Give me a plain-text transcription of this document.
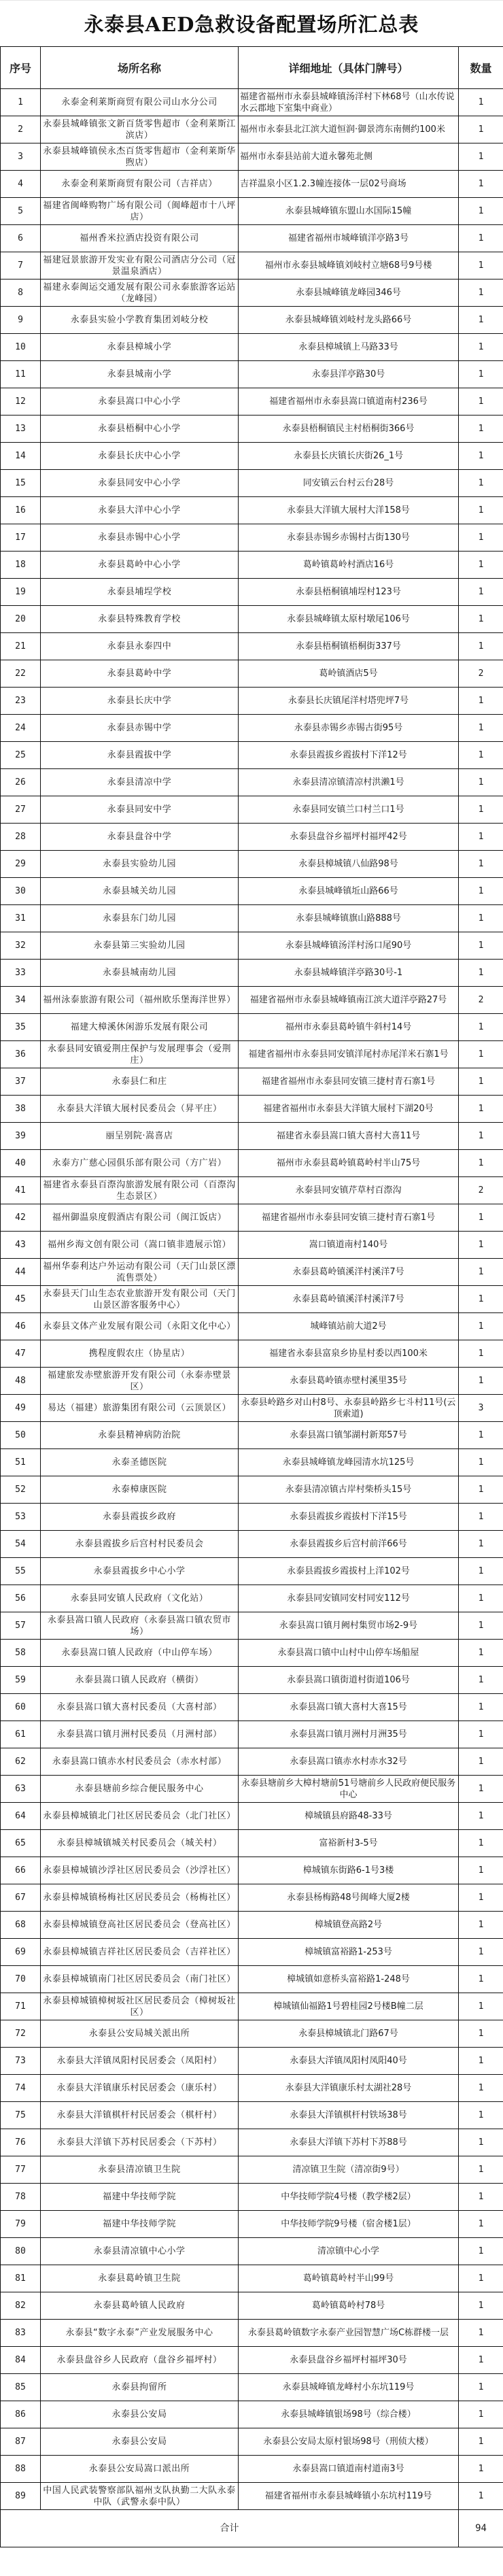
永泰县AED急救设备配置场所汇总表
序号	场所名称	详细地址（具体门牌号）	数量
1	永泰金利莱斯商贸有限公司山水分公司	福建省福州市永泰县城峰镇汤洋村下林68号（山水传说水云郡地下室集中商业）	1
2	永泰县城峰镇张文新百货零售超市（金利莱斯江滨店）	福州市永泰县北江滨大道恒润·御景湾东南侧约100米	1
3	永泰县城峰镇侯永杰百货零售超市（金利莱斯华煦店）	福州市永泰县站前大道永馨苑北侧	1
4	永泰金利莱斯商贸有限公司（吉祥店）	吉祥温泉小区1.2.3幢连接体一层02号商场	1
5	福建省闽峰购物广场有限公司（闽峰超市十八坪店）	永泰县城峰镇东盟山水国际15幢	1
6	福州香米拉酒店投资有限公司	福建省福州市城峰镇洋亭路3号	1
7	福建冠景旅游开发实业有限公司酒店分公司（冠景温泉酒店）	福州市永泰县城峰镇刘岐村立塘68号9号楼	1
8	福建永泰闽运交通发展有限公司永泰旅游客运站（龙峰园）	永泰县城峰镇龙峰园346号	1
9	永泰县实验小学教育集团刘岐分校	永泰县城峰镇刘岐村龙头路66号	1
10	永泰县樟城小学	永泰县樟城镇上马路33号	1
11	永泰县城南小学	永泰县洋亭路30号	1
12	永泰县嵩口中心小学	福建省福州市永泰县嵩口镇道南村236号	1
13	永泰县梧桐中心小学	永泰县梧桐镇民主村梧桐街366号	1
14	永泰县长庆中心小学	永泰县长庆镇长庆街26_1号	1
15	永泰县同安中心小学	同安镇云台村云台28号	1
16	永泰县大洋中心小学	永泰县大洋镇大展村大洋158号	1
17	永泰县赤锡中心小学	永泰县赤锡乡赤锡村古街130号	1
18	永泰县葛岭中心小学	葛岭镇葛岭村酒店16号	1
19	永泰县埔埕学校	永泰县梧桐镇埔埕村123号	1
20	永泰县特殊教育学校	永泰县城峰镇太原村墩尾106号	1
21	永泰县永泰四中	永泰县梧桐镇梧桐街337号	1
22	永泰县葛岭中学	葛岭镇酒店5号	2
23	永泰县长庆中学	永泰县长庆镇尾洋村塔兜坪7号	1
24	永泰县赤锡中学	永泰县赤锡乡赤锡古街95号	1
25	永泰县霞拔中学	永泰县霞拔乡霞拔村下洋12号	1
26	永泰县清凉中学	永泰县清凉镇清凉村洪濑1号	1
27	永泰县同安中学	永泰县同安镇兰口村兰口1号	1
28	永泰县盘谷中学	永泰县盘谷乡福坪村福坪42号	1
29	永泰县实验幼儿园	永泰县樟城镇八仙路98号	1
30	永泰县城关幼儿园	永泰县城峰镇坵山路66号	1
31	永泰县东门幼儿园	永泰县城峰镇旗山路888号	1
32	永泰县第三实验幼儿园	永泰县城峰镇汤洋村汤口尾90号	1
33	永泰县城南幼儿园	永泰县城峰镇洋亭路30号-1	1
34	福州泳泰旅游有限公司（福州欧乐堡海洋世界）	福建省福州市永泰县城峰镇南江滨大道洋亭路27号	2
35	福建大樟溪休闲游乐发展有限公司	福州市永泰县葛岭镇牛斜村14号	1
36	永泰县同安镇爱荆庄保护与发展理事会（爱荆庄）	福建省福州市永泰县同安镇洋尾村赤尾洋米石寨1号	1
37	永泰县仁和庄	福建省福州市永泰县同安镇三捷村青石寨1号	1
38	永泰县大洋镇大展村民委员会（昇平庄）	福建省福州市永泰县大洋镇大展村下湖20号	1
39	丽呈别院·嵩喜店	福建省永泰县嵩口镇大喜村大喜11号	1
40	永泰方广慈心园俱乐部有限公司（方广岩）	福州市永泰县葛岭镇葛岭村半山75号	1
41	福建省永泰县百漈沟旅游发展有限公司（百漈沟生态景区）	永泰县同安镇芹草村百漈沟	2
42	福州御温泉度假酒店有限公司（闽江饭店）	福建省福州市永泰县同安镇三捷村青石寨1号	1
43	福州乡海文创有限公司（嵩口镇非遗展示馆）	嵩口镇道南村140号	1
44	福州华泰利达户外运动有限公司（天门山景区漂流售票处）	永泰县葛岭镇溪洋村溪洋7号	1
45	永泰县天门山生态农业旅游开发有限公司（天门山景区游客服务中心）	永泰县葛岭镇溪洋村溪洋7号	1
46	永泰县文体产业发展有限公司（永阳文化中心）	城峰镇站前大道2号	1
47	携程度假农庄（协星店）	福建省永泰县富泉乡协星村委以西100米	1
48	福建旅发赤壁旅游开发有限公司（永泰赤壁景区）	永泰县葛岭镇赤壁村溪里35号	1
49	易达（福建）旅游集团有限公司（云顶景区）	永泰县岭路乡对山村8号、永泰县岭路乡七斗村11号(云顶索道)	3
50	永泰县精神病防治院	永泰县嵩口镇邹湖村新郑57号	1
51	永泰圣德医院	永泰县城峰镇龙峰园清水坑125号	1
52	永泰樟康医院	永泰县清凉镇古岸村柴桥头15号	1
53	永泰县霞拔乡政府	永泰县霞拔乡霞拔村下洋15号	1
54	永泰县霞拔乡后宫村村民委员会	永泰县霞拔乡后宫村前洋66号	1
55	永泰县霞拔乡中心小学	永泰县霞拔乡霞拔村上洋102号	1
56	永泰县同安镇人民政府（文化站）	永泰县同安镇同安村同安112号	1
57	永泰县嵩口镇人民政府（永泰县嵩口镇农贸市场）	永泰县嵩口镇月阙村集贸市场2-9号	1
58	永泰县嵩口镇人民政府（中山停车场）	永泰县嵩口镇中山村中山停车场船屋	1
59	永泰县嵩口镇人民政府（横街）	永泰县嵩口镇街道村街道106号	1
60	永泰县嵩口镇大喜村民委员（大喜村部）	永泰县嵩口镇大喜村大喜15号	1
61	永泰县嵩口镇月洲村民委员（月洲村部）	永泰县嵩口镇月洲村月洲35号	1
62	永泰县嵩口镇赤水村民委员会（赤水村部）	永泰县嵩口镇赤水村赤水32号	1
63	永泰县塘前乡综合便民服务中心	永泰县塘前乡大樟村塘前51号塘前乡人民政府便民服务中心	1
64	永泰县樟城镇北门社区居民委员会（北门社区）	樟城镇县府路48-33号	1
65	永泰县樟城镇城关村民委员会（城关村）	富裕新村3-5号	1
66	永泰县樟城镇沙浮社区居民委员会（沙浮社区）	樟城镇东街路6-1号3楼	1
67	永泰县樟城镇杨梅社区居民委员会（杨梅社区）	永泰县杨梅路48号闽峰大厦2楼	1
68	永泰县樟城镇登高社区居民委员会（登高社区）	樟城镇登高路2号	1
69	永泰县樟城镇吉祥社区居民委员会（吉祥社区）	樟城镇富裕路1-253号	1
70	永泰县樟城镇南门社区居民委员会（南门社区）	樟城镇如意桥头富裕路1-248号	1
71	永泰县樟城镇樟树坂社区居民委员会（樟树坂社区）	樟城镇仙福路1号碧桂园2号楼B幢二层	1
72	永泰县公安局城关派出所	永泰县樟城镇北门路67号	1
73	永泰县大洋镇凤阳村民居委会（凤阳村）	永泰县大洋镇凤阳村凤阳40号	1
74	永泰县大洋镇康乐村民居委会（康乐村）	永泰县大洋镇康乐村太湖社28号	1
75	永泰县大洋镇棋杆村民居委会（棋杆村）	永泰县大洋镇棋杆村铁场38号	1
76	永泰县大洋镇下苏村民居委会（下苏村）	永泰县大洋镇下苏村下苏88号	1
77	永泰县清凉镇卫生院	清凉镇卫生院（清凉街9号）	1
78	福建中华技师学院	中华技师学院4号楼（教学楼2层）	1
79	福建中华技师学院	中华技师学院9号楼（宿舍楼1层）	1
80	永泰县清凉镇中心小学	清凉镇中心小学	1
81	永泰县葛岭镇卫生院	葛岭镇葛岭村半山99号	1
82	永泰县葛岭镇人民政府	葛岭镇葛岭村78号	1
83	永泰县“数字永泰”产业发展服务中心	永泰县葛岭镇数字永泰产业园智慧广场C栋群楼一层	1
84	永泰县盘谷乡人民政府（盘谷乡福坪村）	永泰县盘谷乡福坪村福坪30号	1
85	永泰县拘留所	永泰县城峰镇龙峰村小东坑119号	1
86	永泰县公安局	永泰县城峰镇银场98号（综合楼）	1
87	永泰县公安局	永泰县公安局太原村银场98号（刑侦大楼）	1
88	永泰县公安局嵩口派出所	永泰县嵩口镇道南村道南3号	1
89	中国人民武装警察部队福州支队执勤二大队永泰中队（武警永泰中队）	福建省福州市永泰县城峰镇小东坑村119号	1
合计			94
